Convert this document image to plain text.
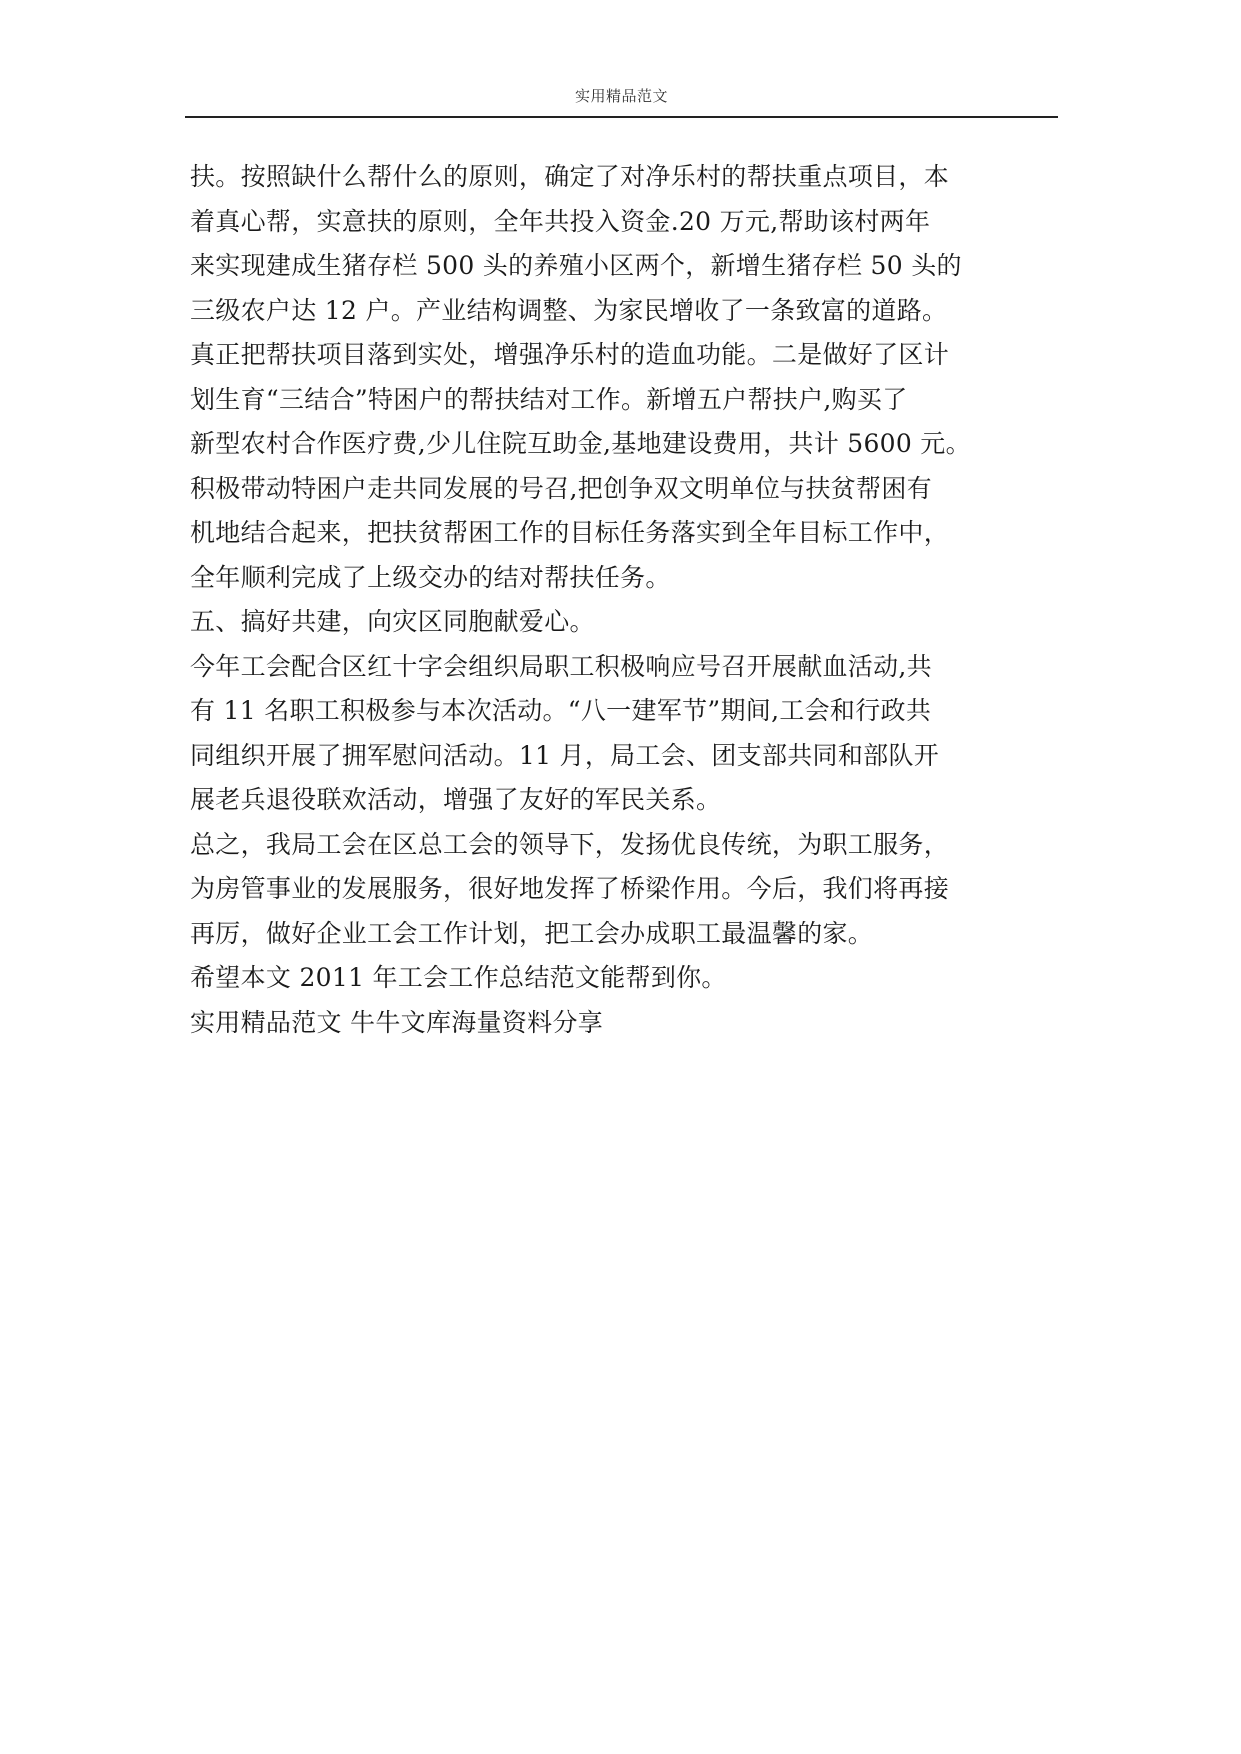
实用精品范文
扶。按照缺什么帮什么的原则，确定了对净乐村的帮扶重点项目，本
着真心帮，实意扶的原则，全年共投入资金.20 万元,帮助该村两年
来实现建成生猪存栏 500 头的养殖小区两个，新增生猪存栏 50 头的
三级农户达 12 户。产业结构调整、为家民增收了一条致富的道路。
真正把帮扶项目落到实处，增强净乐村的造血功能。二是做好了区计
划生育“三结合”特困户的帮扶结对工作。新增五户帮扶户,购买了
新型农村合作医疗费,少儿住院互助金,基地建设费用，共计 5600 元。
积极带动特困户走共同发展的号召,把创争双文明单位与扶贫帮困有
机地结合起来，把扶贫帮困工作的目标任务落实到全年目标工作中，
全年顺利完成了上级交办的结对帮扶任务。
五、搞好共建，向灾区同胞献爱心。
今年工会配合区红十字会组织局职工积极响应号召开展献血活动,共
有 11 名职工积极参与本次活动。“八一建军节”期间,工会和行政共
同组织开展了拥军慰问活动。11 月，局工会、团支部共同和部队开
展老兵退役联欢活动，增强了友好的军民关系。
总之，我局工会在区总工会的领导下，发扬优良传统，为职工服务，
为房管事业的发展服务，很好地发挥了桥梁作用。今后，我们将再接
再厉，做好企业工会工作计划，把工会办成职工最温馨的家。
希望本文 2011 年工会工作总结范文能帮到你。
实用精品范文 牛牛文库海量资料分享
